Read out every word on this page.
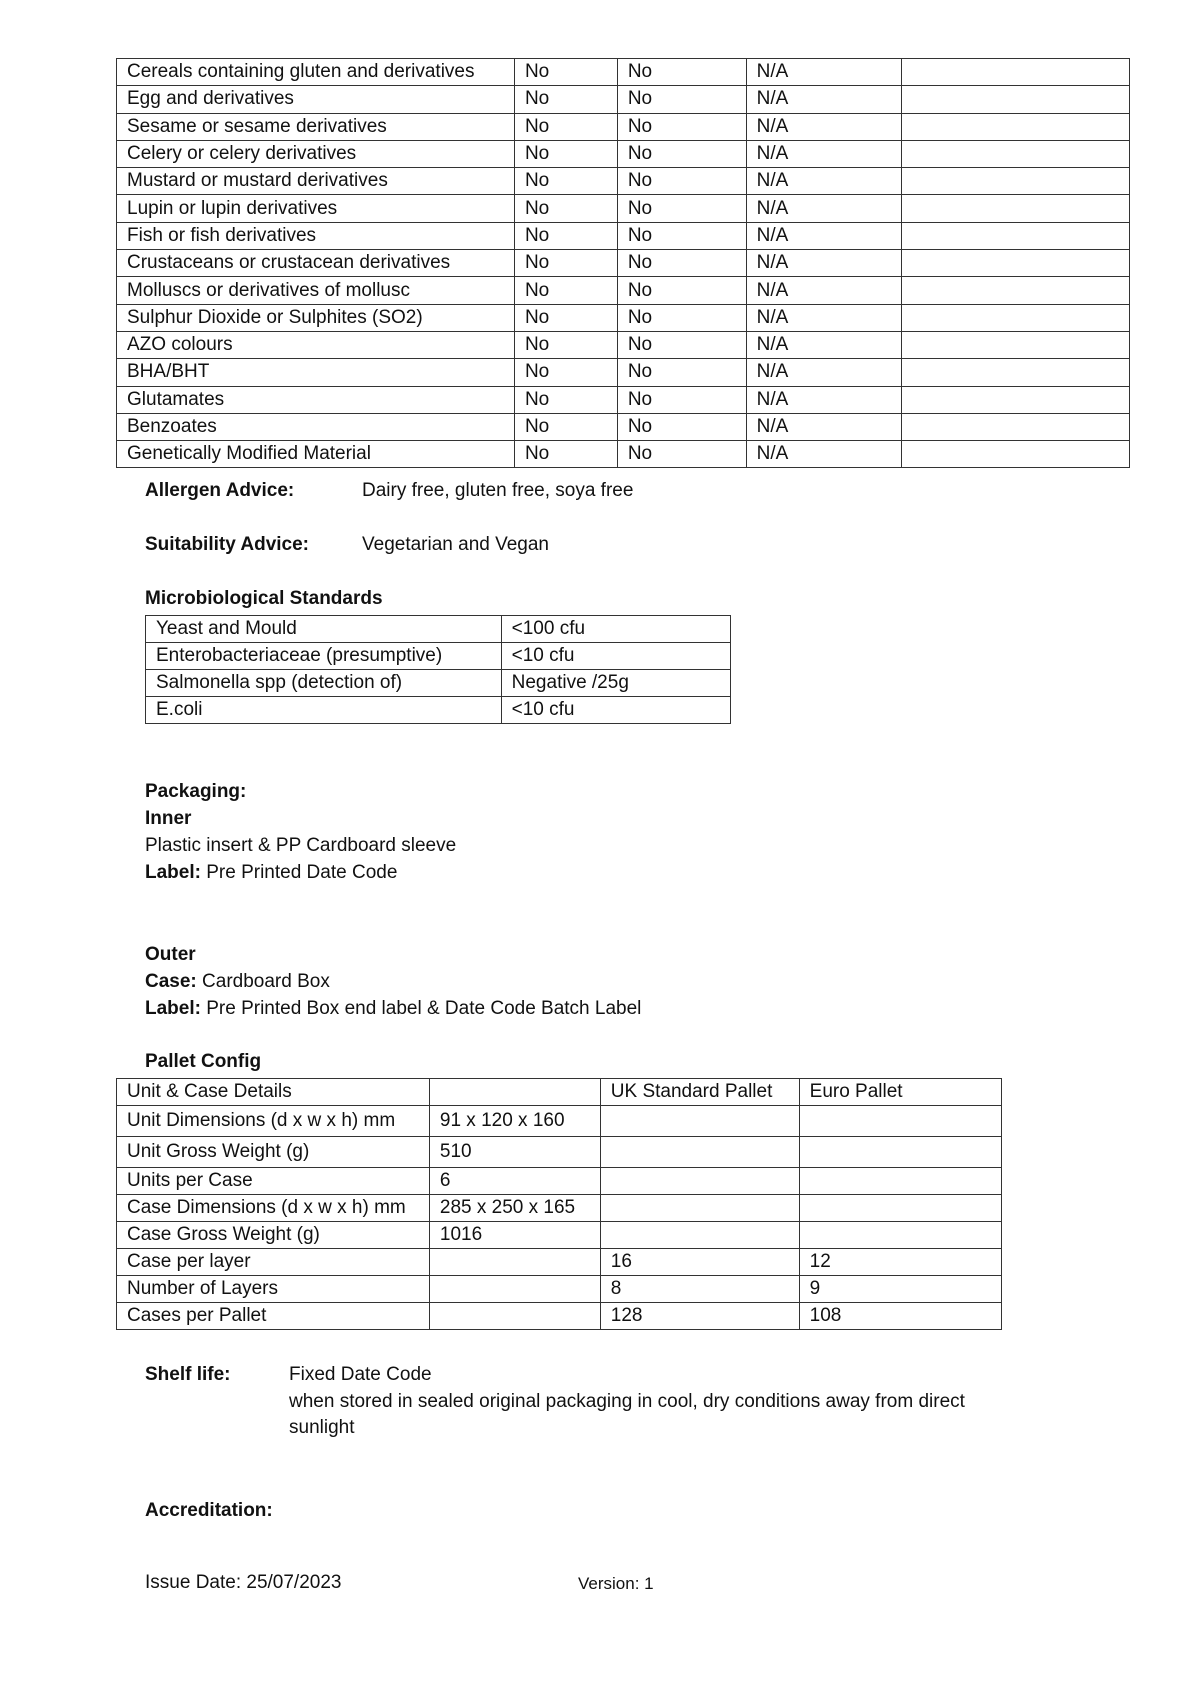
Cereals containing gluten and derivatives	No	No	N/A	
Egg and derivatives	No	No	N/A	
Sesame or sesame derivatives	No	No	N/A	
Celery or celery derivatives	No	No	N/A	
Mustard or mustard derivatives	No	No	N/A	
Lupin or lupin derivatives	No	No	N/A	
Fish or fish derivatives	No	No	N/A	
Crustaceans or crustacean derivatives	No	No	N/A	
Molluscs or derivatives of mollusc	No	No	N/A	
Sulphur Dioxide or Sulphites (SO2)	No	No	N/A	
AZO colours	No	No	N/A	
BHA/BHT	No	No	N/A	
Glutamates	No	No	N/A	
Benzoates	No	No	N/A	
Genetically Modified Material	No	No	N/A	
Allergen Advice:	Dairy free, gluten free, soya free
Suitability Advice:	Vegetarian and Vegan
Microbiological Standards
Yeast and Mould	<100 cfu
Enterobacteriaceae (presumptive)	<10 cfu
Salmonella spp (detection of)	Negative /25g
E.coli	<10 cfu
Packaging:
Inner
Plastic insert & PP Cardboard sleeve
Label: Pre Printed Date Code
Outer
Case: Cardboard Box
Label: Pre Printed Box end label & Date Code Batch Label
Pallet Config
Unit & Case Details		UK Standard Pallet	Euro Pallet
Unit Dimensions (d x w x h) mm	91 x 120 x 160		
Unit Gross Weight (g)	510		
Units per Case	6		
Case Dimensions (d x w x h) mm	285 x 250 x 165		
Case Gross Weight (g)	1016		
Case per layer		16	12
Number of Layers		8	9
Cases per Pallet		128	108
Shelf life:	Fixed Date Code
when stored in sealed original packaging in cool, dry conditions away from direct
sunlight
Accreditation:
Issue Date: 25/07/2023	Version: 1
